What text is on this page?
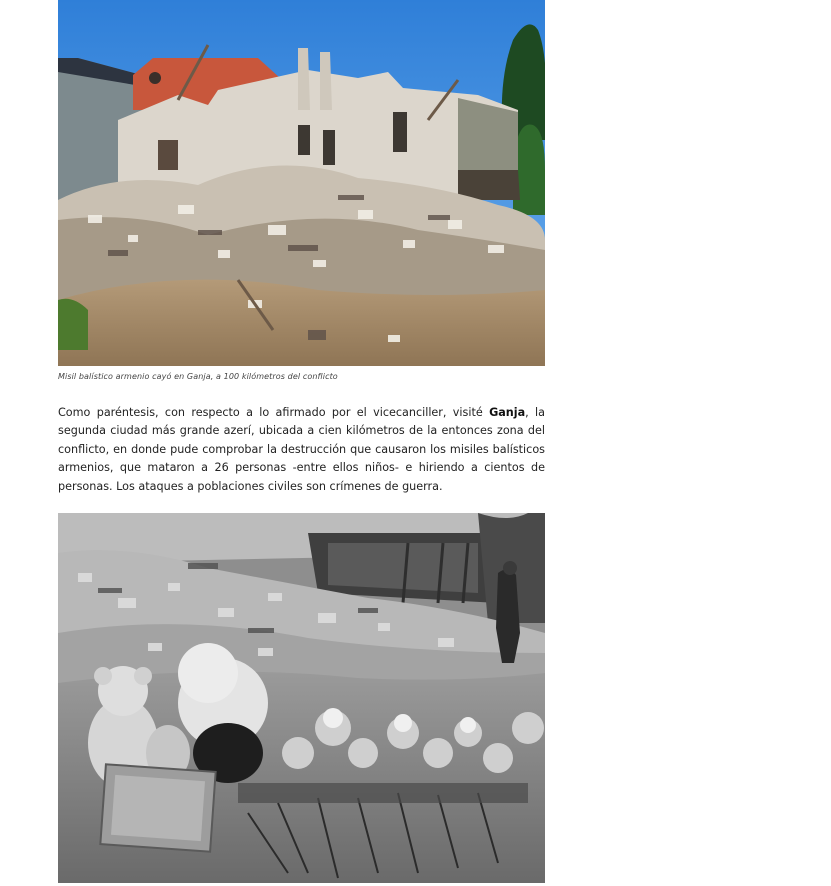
Misil balístico armenio cayó en Ganja, a 100 kilómetros del conflicto

Como paréntesis, con respecto a lo afirmado por el vicecanciller, visité Ganja, la segunda ciudad más grande azerí, ubicada a cien kilómetros de la entonces zona del conflicto, en donde pude comprobar la destrucción que causaron los misiles balísticos armenios, que mataron a 26 personas -entre ellos niños- e hiriendo a cientos de personas. Los ataques a poblaciones civiles son crímenes de guerra.
